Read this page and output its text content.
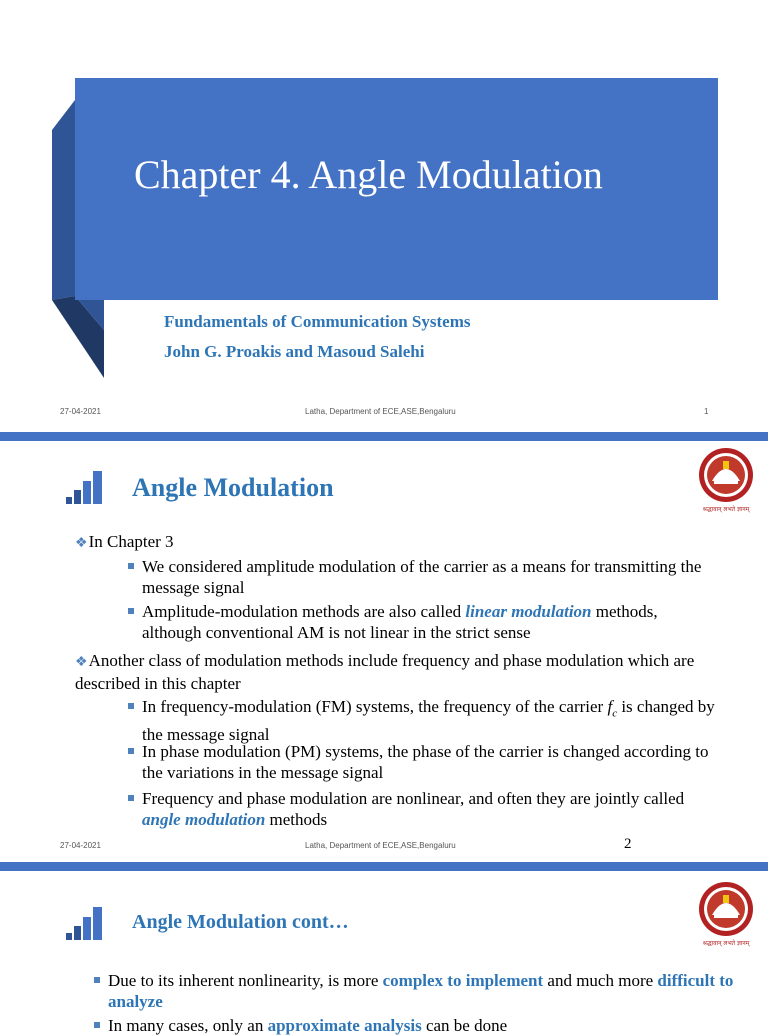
Chapter 4. Angle Modulation
Fundamentals of Communication Systems
John G. Proakis and Masoud Salehi
27-04-2021	Latha, Department of ECE,ASE,Bengaluru	1
Angle Modulation
श्रद्धावान् लभते ज्ञानम्
❖In Chapter 3
We considered amplitude modulation of the carrier as a means for transmitting the message signal
Amplitude-modulation methods are also called linear modulation methods, although conventional AM is not linear in the strict sense
❖Another class of modulation methods include frequency and phase modulation which are described in this chapter
In frequency-modulation (FM) systems, the frequency of the carrier $f_c$ is changed by the message signal
In phase modulation (PM) systems, the phase of the carrier is changed according to the variations in the message signal
Frequency and phase modulation are nonlinear, and often they are jointly called angle modulation methods
27-04-2021	Latha, Department of ECE,ASE,Bengaluru	2
Angle Modulation cont…
श्रद्धावान् लभते ज्ञानम्
Due to its inherent nonlinearity, is more complex to implement and much more difficult to analyze
In many cases, only an approximate analysis can be done
